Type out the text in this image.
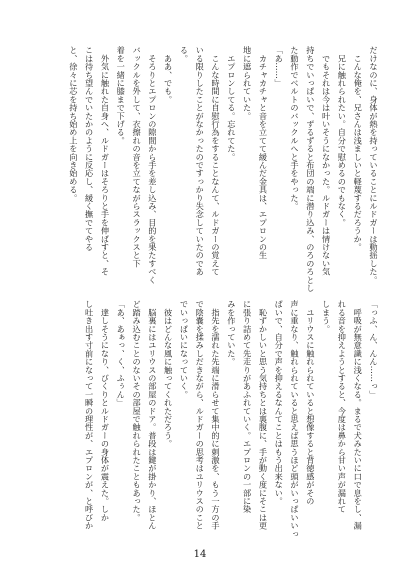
だけなのに、身体が熱を持っていることにルドガーは動揺した。
　こんな俺を、兄さんは浅ましいと軽蔑するだろうか。
　兄に触れられたい。自分で慰めるのでもなく。
　でもそれは今は叶いそうになかった。ルドガーは情けない気
持ちでいっぱいで、ずるずると布団の端に潜り込み、のろのろとし
た動作でベルトのバックルへと手をやった。
「あ……」
　カチャカチャと音を立てて緩んだ金具は、エプロンの生
地に遮られていた。
　エプロンしてる。忘れてた。
　こんな時間に自慰行為をすることなんて、ルドガーの覚えて
いる限りしたことがなかったのですっかり失念していたのであ
る。
　ああ、でも。
　そろりとエプロンの隙間から手を差し込み、目的を果たすべく
バックルを外して、衣擦れの音を立てながらスラックスと下
着を一緒に膝まで下げる。
　外気に触れた自身へ、ルドガーはそろりと手を伸ばすと、そ
こは待ち望んでいたかのように反応し、緩く撫でてやる
と、徐々に芯を持ち始め上を向き始める。
「っふ、ん、んん……っ」
　呼吸が無意識に浅くなる。まるで犬みたいに口で息をし、漏
れる音を抑えようとすると、今度は鼻から甘い声が漏れて
しまう。
　ユリウスに触れられていると想像すると背徳感がその
声に重なり、触れられていると思えば思うほど頭がいっぱいいっ
ぱいで、自分で声を抑えるなんてことはもう出来ない。
　恥ずかしいと思う気持ちとは裏腹に、手が動く度にそこは更
に張り詰めて先走りがあふれていく。エプロンの一部に染
みを作っていた。
　指先を濡れた先端に滑らせて集中的に刺激を、もう一方の手
で陰嚢を揉みしだきながら、ルドガーの思考はユリウスのこと
でいっぱいになっていく。
　彼はどんな風に触ってくれただろう。
　脳裏にはユリウスの部屋のドア。普段は鍵が掛かり、ほとん
ど踏み込むことのないその部屋で触れられたこともあった。
「あ、あぁっ、く、ふぅん」
　達しそうになり、びくりとルドガーの身体が震えた。しか
し吐き出す寸前になって一瞬の理性が、エプロンが、と呼びか
14
